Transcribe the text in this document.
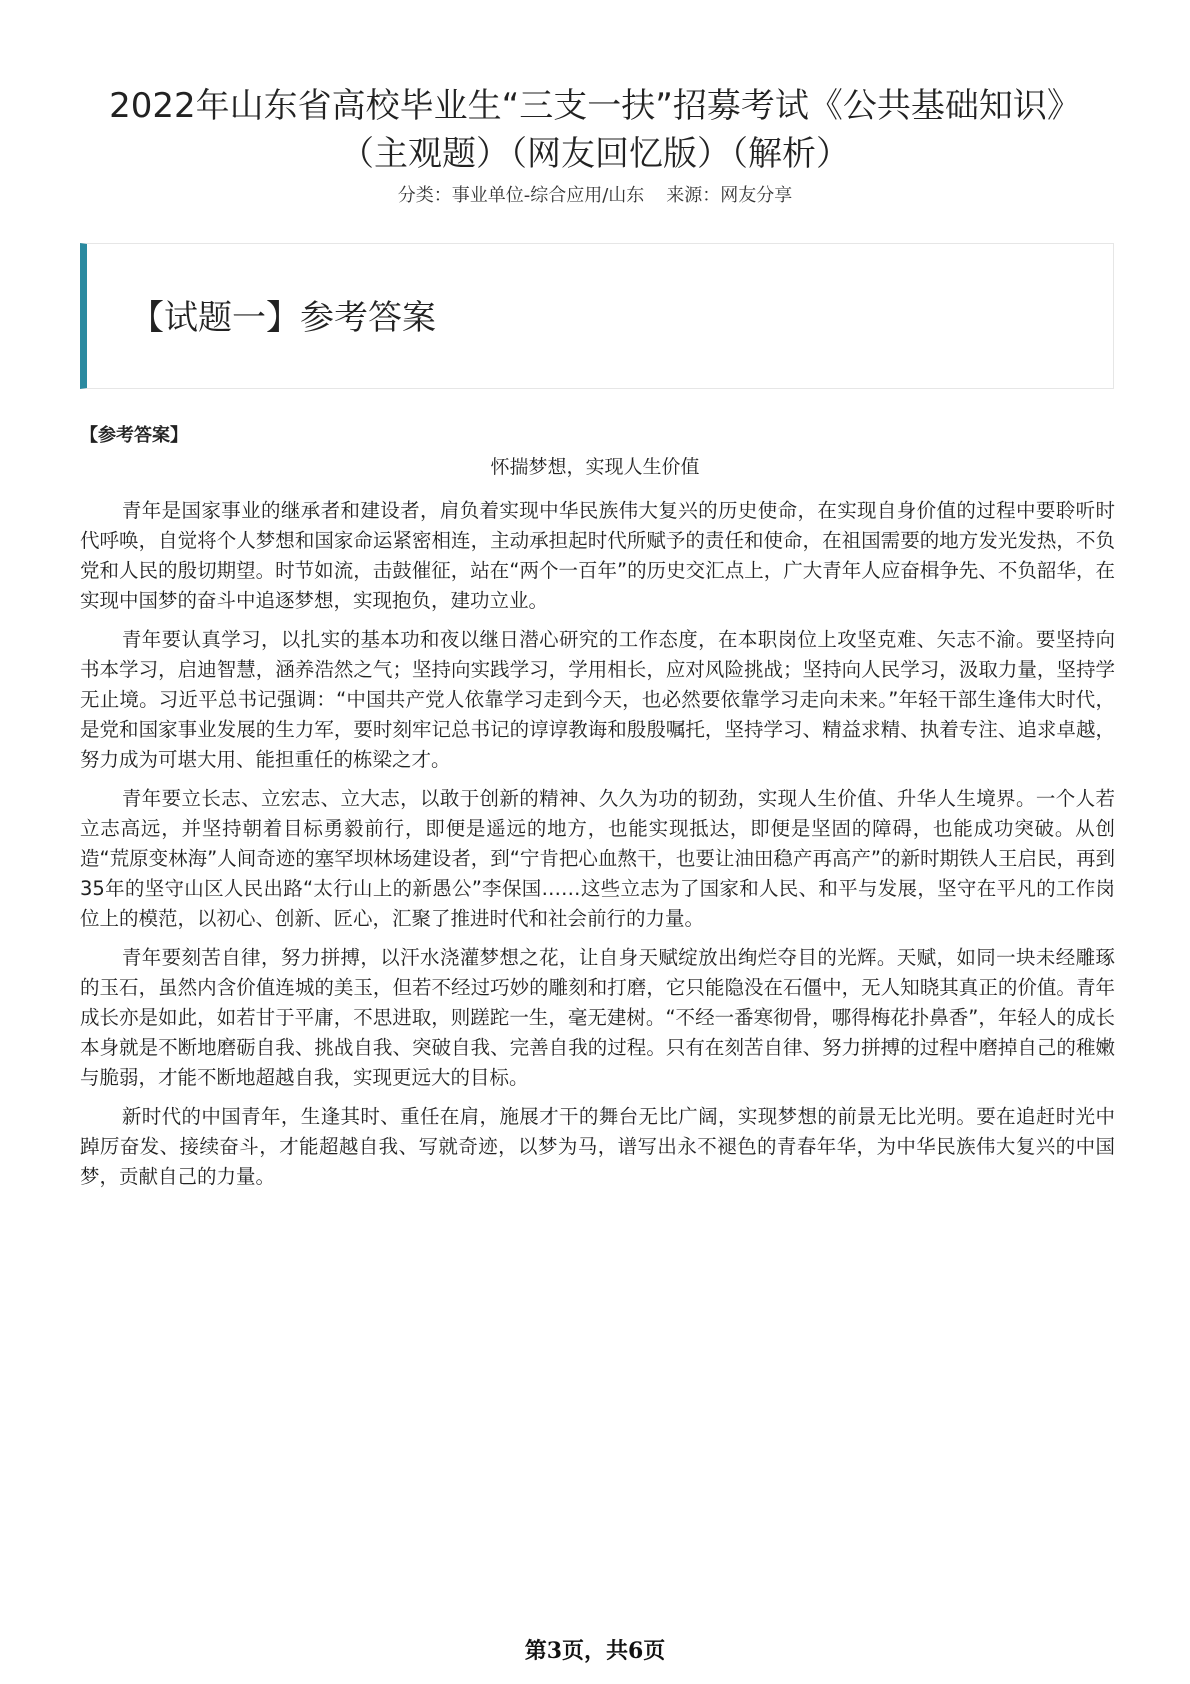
2022年山东省高校毕业生“三支一扶”招募考试《公共基础知识》
（主观题）（网友回忆版）（解析）
分类：事业单位-综合应用/山东 来源：网友分享
【试题一】参考答案
【参考答案】
怀揣梦想，实现人生价值

青年是国家事业的继承者和建设者，肩负着实现中华民族伟大复兴的历史使命，在实现自身价值的过程中要聆听时代呼唤，自觉将个人梦想和国家命运紧密相连，主动承担起时代所赋予的责任和使命，在祖国需要的地方发光发热，不负党和人民的殷切期望。时节如流，击鼓催征，站在“两个一百年”的历史交汇点上，广大青年人应奋楫争先、不负韶华，在实现中国梦的奋斗中追逐梦想，实现抱负，建功立业。

青年要认真学习，以扎实的基本功和夜以继日潜心研究的工作态度，在本职岗位上攻坚克难、矢志不渝。要坚持向书本学习，启迪智慧，涵养浩然之气；坚持向实践学习，学用相长，应对风险挑战；坚持向人民学习，汲取力量，坚持学无止境。习近平总书记强调：“中国共产党人依靠学习走到今天，也必然要依靠学习走向未来。”年轻干部生逢伟大时代，是党和国家事业发展的生力军，要时刻牢记总书记的谆谆教诲和殷殷嘱托，坚持学习、精益求精、执着专注、追求卓越，努力成为可堪大用、能担重任的栋梁之才。

青年要立长志、立宏志、立大志，以敢于创新的精神、久久为功的韧劲，实现人生价值、升华人生境界。一个人若立志高远，并坚持朝着目标勇毅前行，即便是遥远的地方，也能实现抵达，即便是坚固的障碍，也能成功突破。从创造“荒原变林海”人间奇迹的塞罕坝林场建设者，到“宁肯把心血熬干，也要让油田稳产再高产”的新时期铁人王启民，再到35年的坚守山区人民出路“太行山上的新愚公”李保国……这些立志为了国家和人民、和平与发展，坚守在平凡的工作岗位上的模范，以初心、创新、匠心，汇聚了推进时代和社会前行的力量。

青年要刻苦自律，努力拼搏，以汗水浇灌梦想之花，让自身天赋绽放出绚烂夺目的光辉。天赋，如同一块未经雕琢的玉石，虽然内含价值连城的美玉，但若不经过巧妙的雕刻和打磨，它只能隐没在石僵中，无人知晓其真正的价值。青年成长亦是如此，如若甘于平庸，不思进取，则蹉跎一生，毫无建树。“不经一番寒彻骨，哪得梅花扑鼻香”，年轻人的成长本身就是不断地磨砺自我、挑战自我、突破自我、完善自我的过程。只有在刻苦自律、努力拼搏的过程中磨掉自己的稚嫩与脆弱，才能不断地超越自我，实现更远大的目标。

新时代的中国青年，生逢其时、重任在肩，施展才干的舞台无比广阔，实现梦想的前景无比光明。要在追赶时光中踔厉奋发、接续奋斗，才能超越自我、写就奇迹，以梦为马，谱写出永不褪色的青春年华，为中华民族伟大复兴的中国梦，贡献自己的力量。

第3页，共6页
